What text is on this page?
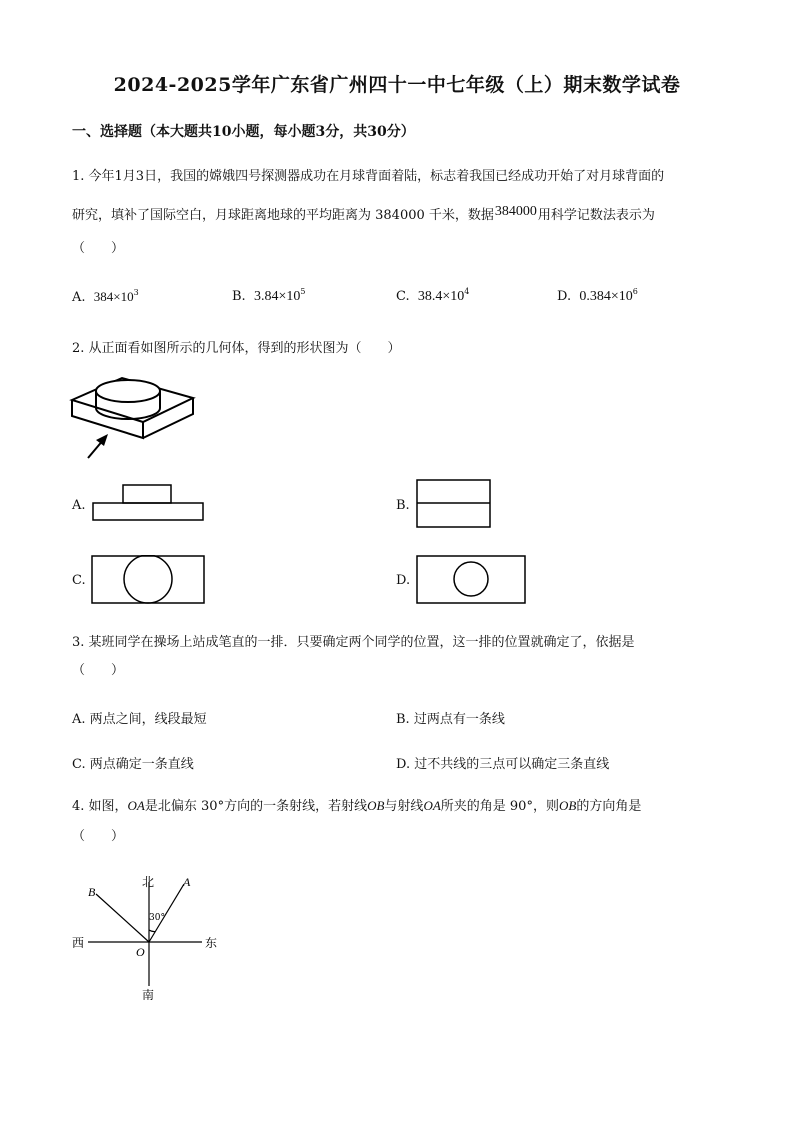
2024-2025学年广东省广州四十一中七年级（上）期末数学试卷
一、选择题（本大题共10小题，每小题3分，共30分）
1. 今年1月3日，我国的嫦娥四号探测器成功在月球背面着陆，标志着我国已经成功开始了对月球背面的
研究，填补了国际空白，月球距离地球的平均距离为 384000 千米，数据384000用科学记数法表示为
（　　）
A. $384\times 10^3$	B. $3.84\times 10^5$	C. $38.4\times 10^4$	D. $0.384\times 10^6$
2. 从正面看如图所示的几何体，得到的形状图为（　　）
A.	B.
C.	D.
3. 某班同学在操场上站成笔直的一排．只要确定两个同学的位置，这一排的位置就确定了，依据是
（　　）
A. 两点之间，线段最短	B. 过两点有一条线
C. 两点确定一条直线	D. 过不共线的三点可以确定三条直线
4. 如图，OA是北偏东 30°方向的一条射线，若射线OB与射线OA所夹的角是 90°，则OB的方向角是
（　　）
北
南
东
西
A
B
O
30°
